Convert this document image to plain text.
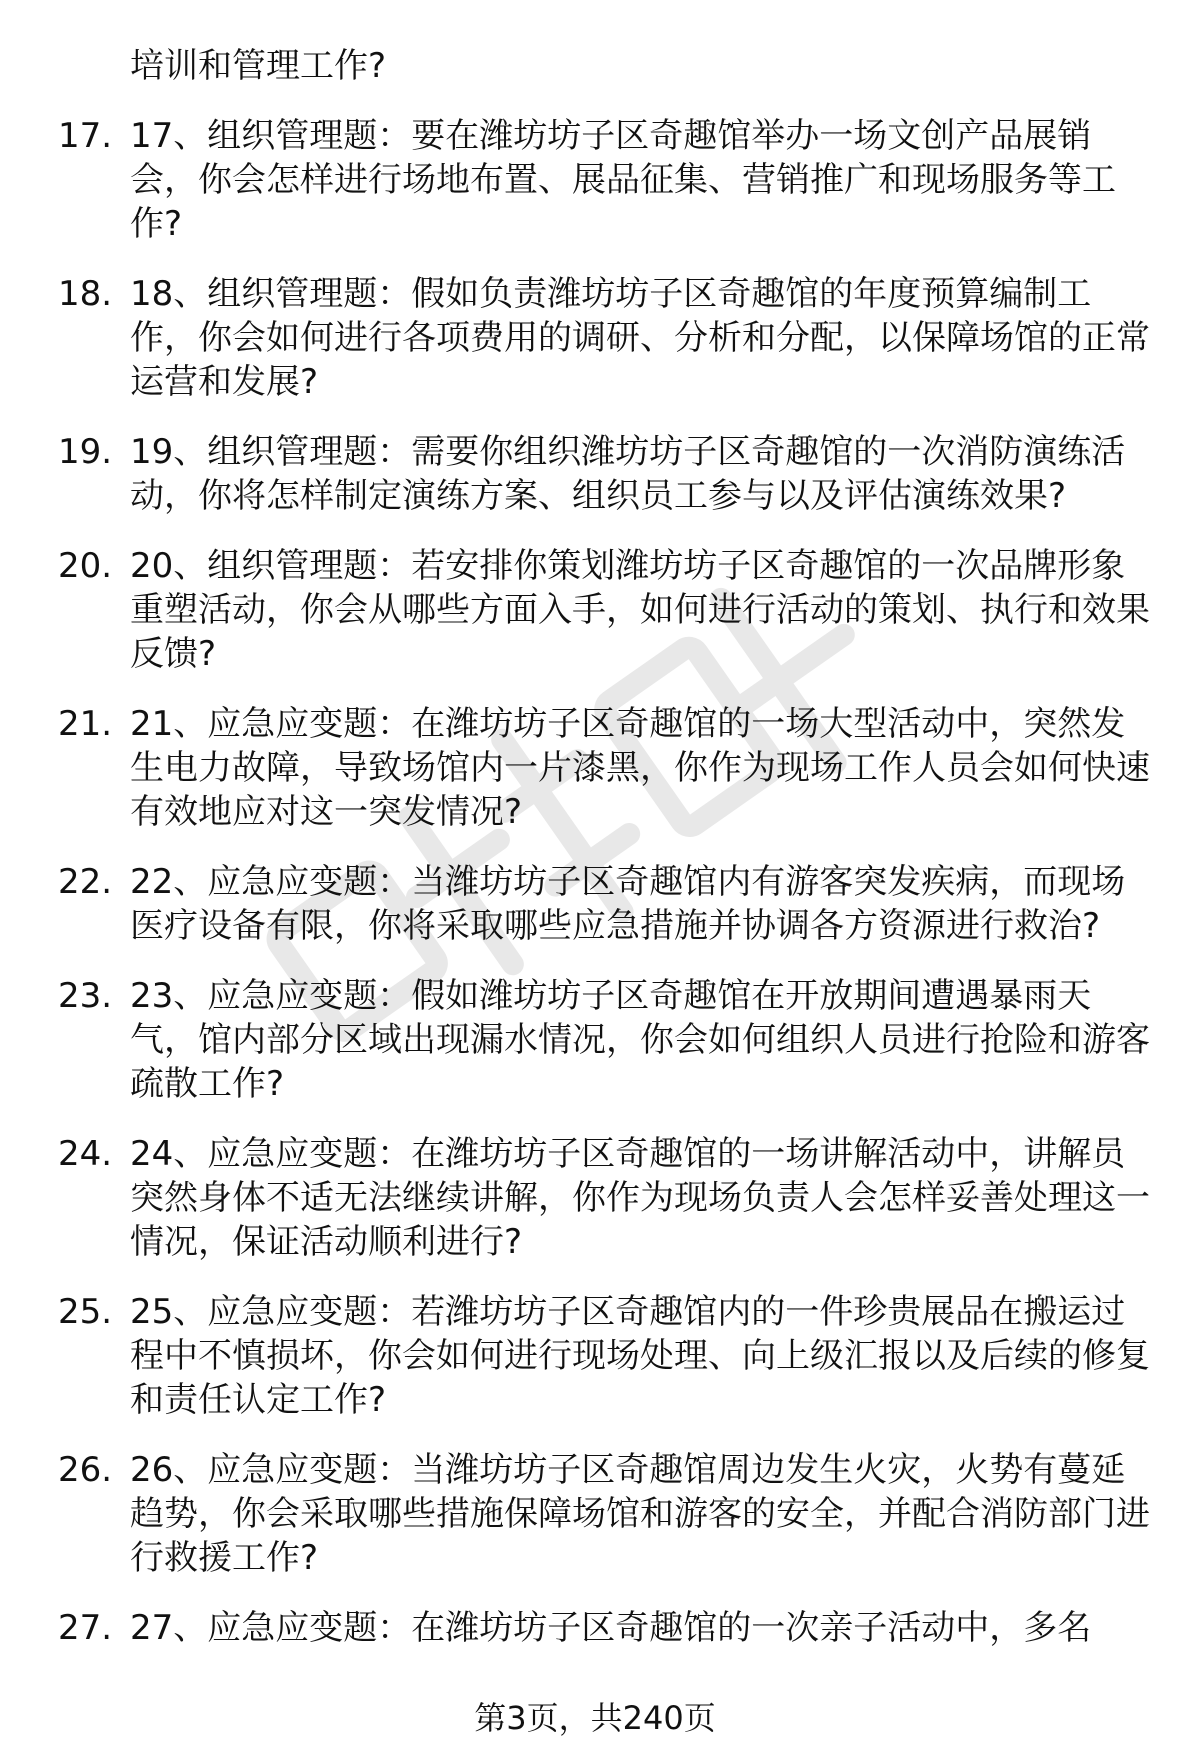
培训和管理工作?
17. 17、组织管理题：要在潍坊坊子区奇趣馆举办一场文创产品展销会，你会怎样进行场地布置、展品征集、营销推广和现场服务等工作?
18. 18、组织管理题：假如负责潍坊坊子区奇趣馆的年度预算编制工作，你会如何进行各项费用的调研、分析和分配，以保障场馆的正常运营和发展?
19. 19、组织管理题：需要你组织潍坊坊子区奇趣馆的一次消防演练活动，你将怎样制定演练方案、组织员工参与以及评估演练效果?
20. 20、组织管理题：若安排你策划潍坊坊子区奇趣馆的一次品牌形象重塑活动，你会从哪些方面入手，如何进行活动的策划、执行和效果反馈?
21. 21、应急应变题：在潍坊坊子区奇趣馆的一场大型活动中，突然发生电力故障，导致场馆内一片漆黑，你作为现场工作人员会如何快速有效地应对这一突发情况?
22. 22、应急应变题：当潍坊坊子区奇趣馆内有游客突发疾病，而现场医疗设备有限，你将采取哪些应急措施并协调各方资源进行救治?
23. 23、应急应变题：假如潍坊坊子区奇趣馆在开放期间遭遇暴雨天气，馆内部分区域出现漏水情况，你会如何组织人员进行抢险和游客疏散工作?
24. 24、应急应变题：在潍坊坊子区奇趣馆的一场讲解活动中，讲解员突然身体不适无法继续讲解，你作为现场负责人会怎样妥善处理这一情况，保证活动顺利进行?
25. 25、应急应变题：若潍坊坊子区奇趣馆内的一件珍贵展品在搬运过程中不慎损坏，你会如何进行现场处理、向上级汇报以及后续的修复和责任认定工作?
26. 26、应急应变题：当潍坊坊子区奇趣馆周边发生火灾，火势有蔓延趋势，你会采取哪些措施保障场馆和游客的安全，并配合消防部门进行救援工作?
27. 27、应急应变题：在潍坊坊子区奇趣馆的一次亲子活动中，多名
第3页，共240页
